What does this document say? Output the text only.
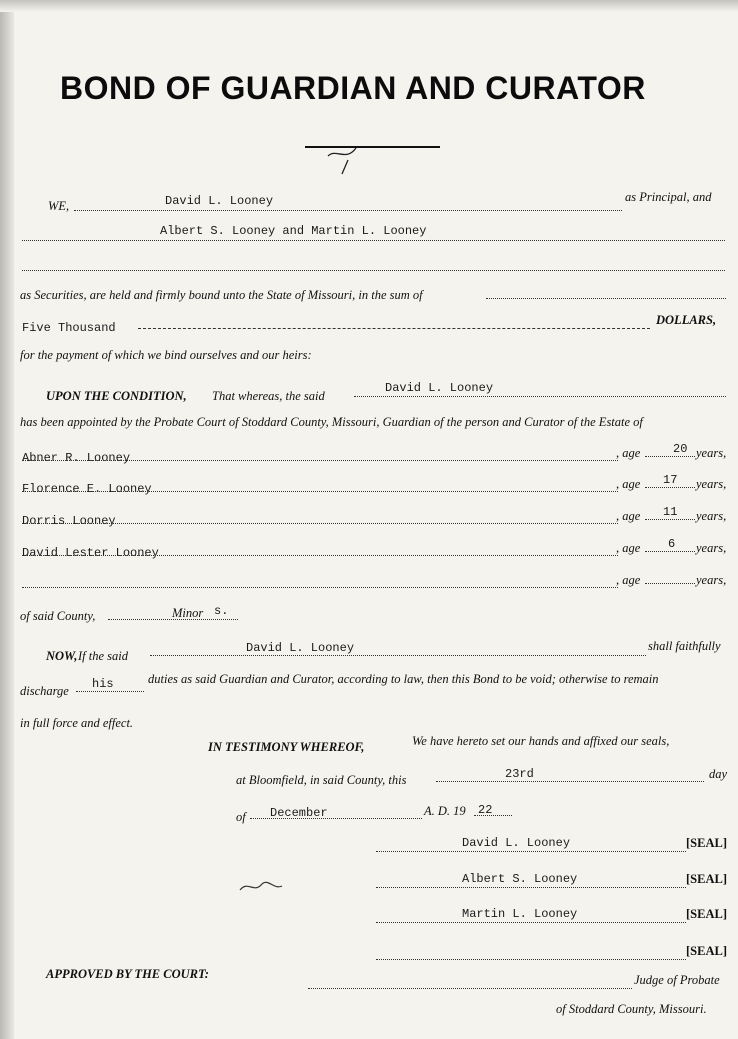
BOND OF GUARDIAN AND CURATOR
WE,	David L. Looney	as Principal, and
Albert S. Looney and Martin L. Looney
as Securities, are held and firmly bound unto the State of Missouri, in the sum of
Five Thousand
DOLLARS,
for the payment of which we bind ourselves and our heirs:
UPON THE CONDITION, That whereas, the said
David L. Looney
has been appointed by the Probate Court of Stoddard County, Missouri, Guardian of the person and Curator of the Estate of
Abner R. Looney	, age	20 years,
Florence E. Looney	, age 17 years,
Dorris Looney	, age 11 years,
David Lester Looney	, age 6 years,
, age	years,
of said County,	Minor s.
NOW, If the said
David L. Looney	shall faithfully
discharge his	duties as said Guardian and Curator, according to law, then this Bond to be void; otherwise to remain
in full force and effect.
IN TESTIMONY WHEREOF,	We have hereto set our hands and affixed our seals,
at Bloomfield, in said County, this	23rd	day
of December	A. D. 19 22
David L. Looney	[SEAL]
Albert S. Looney	[SEAL]
Martin L. Looney	[SEAL]
[SEAL]
APPROVED BY THE COURT:	Judge of Probate
of Stoddard County, Missouri.
